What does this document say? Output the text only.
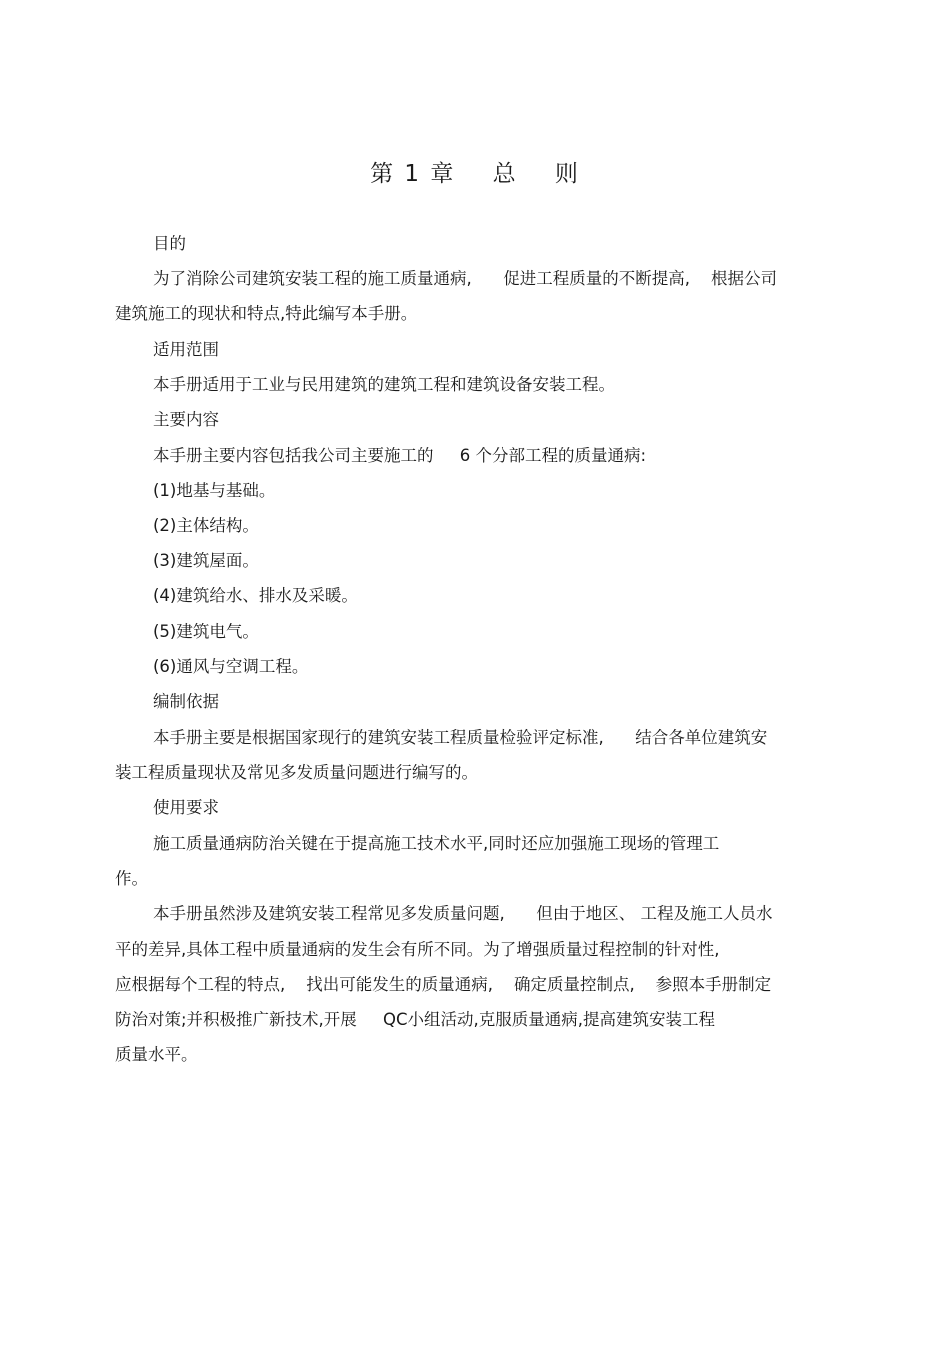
第 1 章    总    则
目的
为了消除公司建筑安装工程的施工质量通病,      促进工程质量的不断提高,    根据公司
建筑施工的现状和特点,特此编写本手册。
适用范围
本手册适用于工业与民用建筑的建筑工程和建筑设备安装工程。
主要内容
本手册主要内容包括我公司主要施工的     6 个分部工程的质量通病:
(1)地基与基础。
(2)主体结构。
(3)建筑屋面。
(4)建筑给水、排水及采暖。
(5)建筑电气。
(6)通风与空调工程。
编制依据
本手册主要是根据国家现行的建筑安装工程质量检验评定标准,      结合各单位建筑安
装工程质量现状及常见多发质量问题进行编写的。
使用要求
施工质量通病防治关键在于提高施工技术水平,同时还应加强施工现场的管理工
作。
本手册虽然涉及建筑安装工程常见多发质量问题,      但由于地区、 工程及施工人员水
平的差异,具体工程中质量通病的发生会有所不同。为了增强质量过程控制的针对性,
应根据每个工程的特点,    找出可能发生的质量通病,    确定质量控制点,    参照本手册制定
防治对策;并积极推广新技术,开展     QC小组活动,克服质量通病,提高建筑安装工程
质量水平。
